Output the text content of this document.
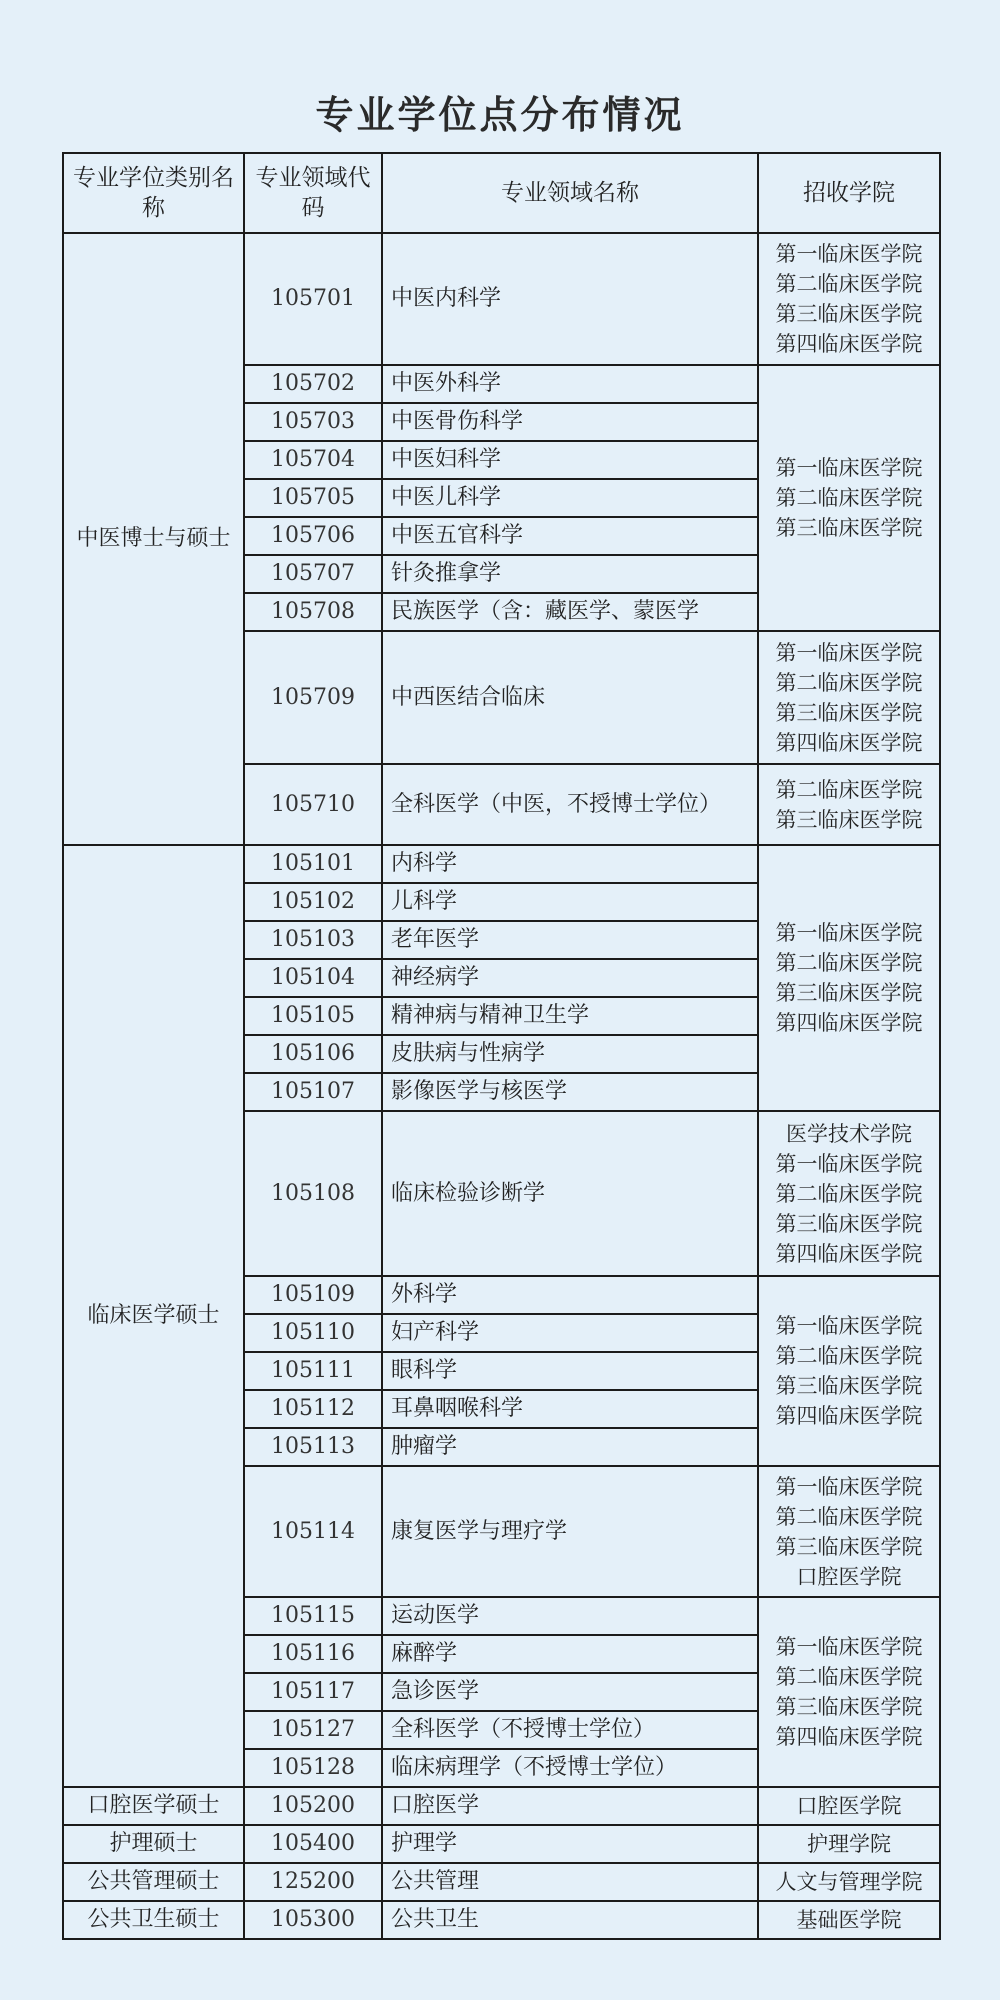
专业学位点分布情况
专业学位类别名称	专业领域代码	专业领域名称	招收学院
中医博士与硕士	105701	中医内科学	第一临床医学院
第二临床医学院
第三临床医学院
第四临床医学院

	105702	中医外科学	第一临床医学院
第二临床医学院
第三临床医学院

	105703	中医骨伤科学	
	105704	中医妇科学	
	105705	中医儿科学	
	105706	中医五官科学	
	105707	针灸推拿学	
	105708	民族医学（含：藏医学、蒙医学	
	105709	中西医结合临床	第一临床医学院
第二临床医学院
第三临床医学院
第四临床医学院

	105710	全科医学（中医，不授博士学位）	第二临床医学院
第三临床医学院

临床医学硕士	105101	内科学	第一临床医学院
第二临床医学院
第三临床医学院
第四临床医学院

	105102	儿科学	
	105103	老年医学	
	105104	神经病学	
	105105	精神病与精神卫生学	
	105106	皮肤病与性病学	
	105107	影像医学与核医学	
	105108	临床检验诊断学	医学技术学院
第一临床医学院
第二临床医学院
第三临床医学院
第四临床医学院

	105109	外科学	第一临床医学院
第二临床医学院
第三临床医学院
第四临床医学院

	105110	妇产科学	
	105111	眼科学	
	105112	耳鼻咽喉科学	
	105113	肿瘤学	
	105114	康复医学与理疗学	第一临床医学院
第二临床医学院
第三临床医学院
口腔医学院

	105115	运动医学	第一临床医学院
第二临床医学院
第三临床医学院
第四临床医学院

	105116	麻醉学	
	105117	急诊医学	
	105127	全科医学（不授博士学位）	
	105128	临床病理学（不授博士学位）	
口腔医学硕士	105200	口腔医学	口腔医学院
护理硕士	105400	护理学	护理学院
公共管理硕士	125200	公共管理	人文与管理学院
公共卫生硕士	105300	公共卫生	基础医学院
